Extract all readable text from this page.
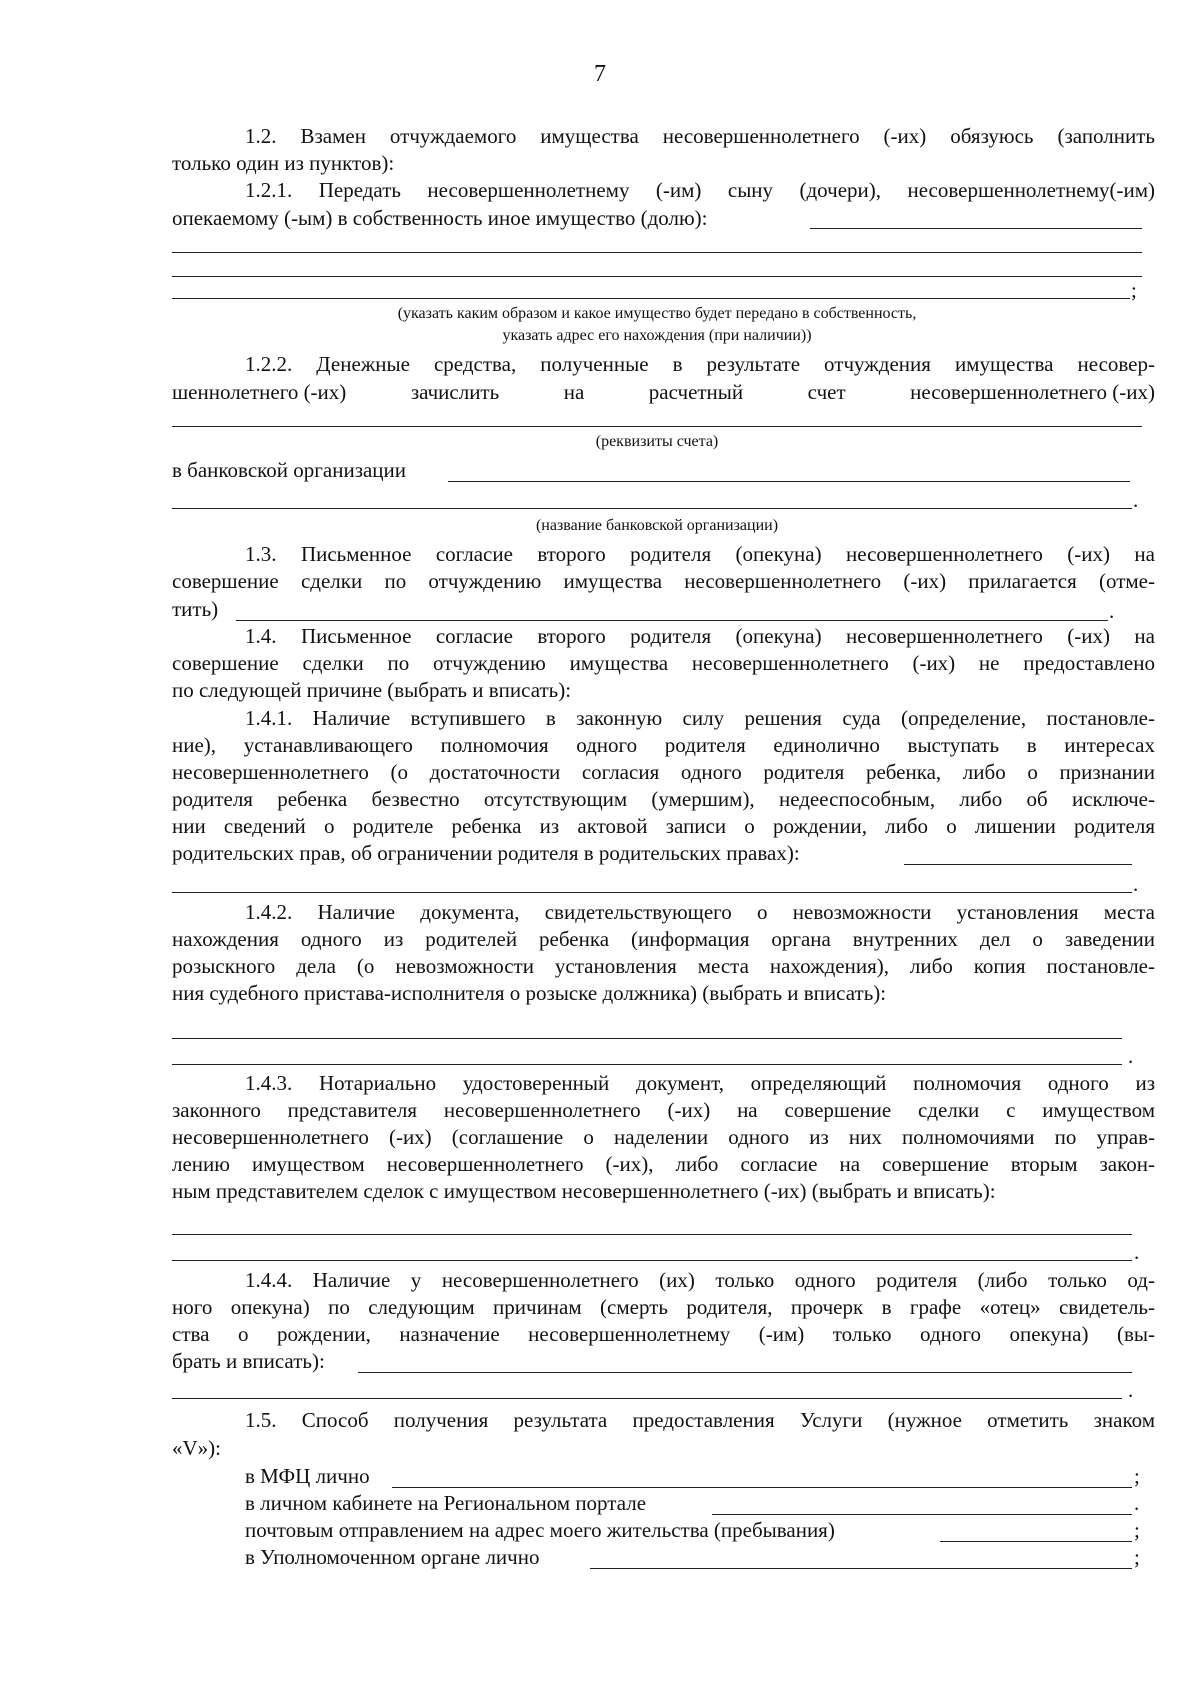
7
1.2. Взамен отчуждаемого имущества несовершеннолетнего (-их) обязуюсь (заполнить
только один из пунктов):
1.2.1. Передать несовершеннолетнему (-им) сыну (дочери), несовершеннолетнему(-им)
опекаемому (-ым) в собственность иное имущество (долю):
;
(указать каким образом и какое имущество будет передано в собственность,
указать адрес его нахождения (при наличии))
1.2.2. Денежные средства, полученные в результате отчуждения имущества несовер-
шеннолетнего (-их)	зачислить	на	расчетный	счет	несовершеннолетнего (-их)
(реквизиты счета)
в банковской организации
.
(название банковской организации)
1.3. Письменное согласие второго родителя (опекуна) несовершеннолетнего (-их) на
совершение сделки по отчуждению имущества несовершеннолетнего (-их) прилагается (отме-
тить)	.
1.4. Письменное согласие второго родителя (опекуна) несовершеннолетнего (-их) на
совершение сделки по отчуждению имущества несовершеннолетнего (-их) не предоставлено
по следующей причине (выбрать и вписать):
1.4.1. Наличие вступившего в законную силу решения суда (определение, постановле-
ние), устанавливающего полномочия одного родителя единолично выступать в интересах
несовершеннолетнего (о достаточности согласия одного родителя ребенка, либо о признании
родителя ребенка безвестно отсутствующим (умершим), недееспособным, либо об исключе-
нии сведений о родителе ребенка из актовой записи о рождении, либо о лишении родителя
родительских прав, об ограничении родителя в родительских правах):
.
1.4.2. Наличие документа, свидетельствующего о невозможности установления места
нахождения одного из родителей ребенка (информация органа внутренних дел о заведении
розыскного дела (о невозможности установления места нахождения), либо копия постановле-
ния судебного пристава-исполнителя о розыске должника) (выбрать и вписать):
.
1.4.3. Нотариально удостоверенный документ, определяющий полномочия одного из
законного представителя несовершеннолетнего (-их) на совершение сделки с имуществом
несовершеннолетнего (-их) (соглашение о наделении одного из них полномочиями по управ-
лению имуществом несовершеннолетнего (-их), либо согласие на совершение вторым закон-
ным представителем сделок с имуществом несовершеннолетнего (-их) (выбрать и вписать):
.
1.4.4. Наличие у несовершеннолетнего (их) только одного родителя (либо только од-
ного опекуна) по следующим причинам (смерть родителя, прочерк в графе «отец» свидетель-
ства о рождении, назначение несовершеннолетнему (-им) только одного опекуна) (вы-
брать и вписать):
.
1.5. Способ получения результата предоставления Услуги (нужное отметить знаком
«V»):
в МФЦ лично	;
в личном кабинете на Региональном портале	.
почтовым отправлением на адрес моего жительства (пребывания)	;
в Уполномоченном органе лично	;
